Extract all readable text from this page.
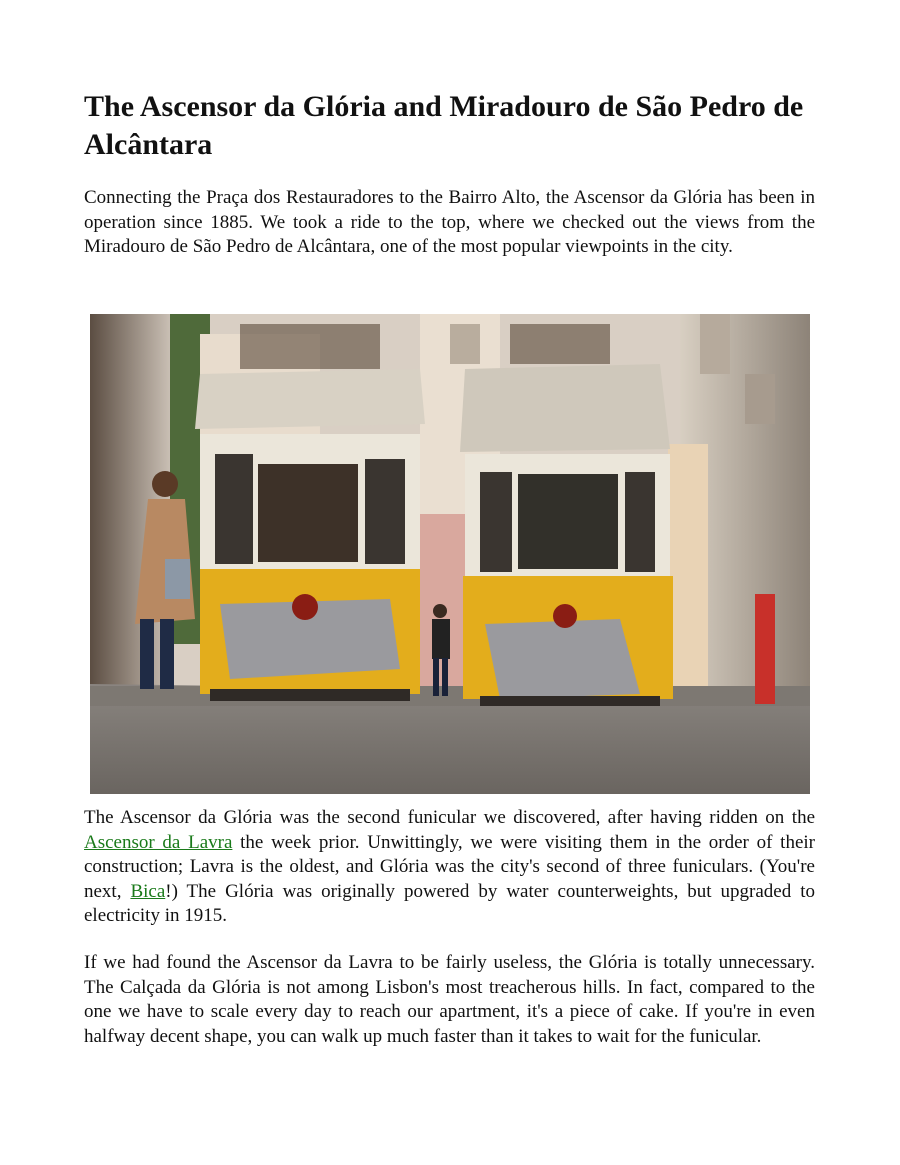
The Ascensor da Glória and Miradouro de São Pedro de Alcântara

Connecting the Praça dos Restauradores to the Bairro Alto, the Ascensor da Glória has been in operation since 1885. We took a ride to the top, where we checked out the views from the Miradouro de São Pedro de Alcântara, one of the most popular viewpoints in the city.

The Ascensor da Glória was the second funicular we discovered, after having ridden on the Ascensor da Lavra the week prior. Unwittingly, we were visiting them in the order of their construction; Lavra is the oldest, and Glória was the city's second of three funiculars. (You're next, Bica!) The Glória was originally powered by water counterweights, but upgraded to electricity in 1915.

If we had found the Ascensor da Lavra to be fairly useless, the Glória is totally unnecessary. The Calçada da Glória is not among Lisbon's most treacherous hills. In fact, compared to the one we have to scale every day to reach our apartment, it's a piece of cake. If you're in even halfway decent shape, you can walk up much faster than it takes to wait for the funicular.
